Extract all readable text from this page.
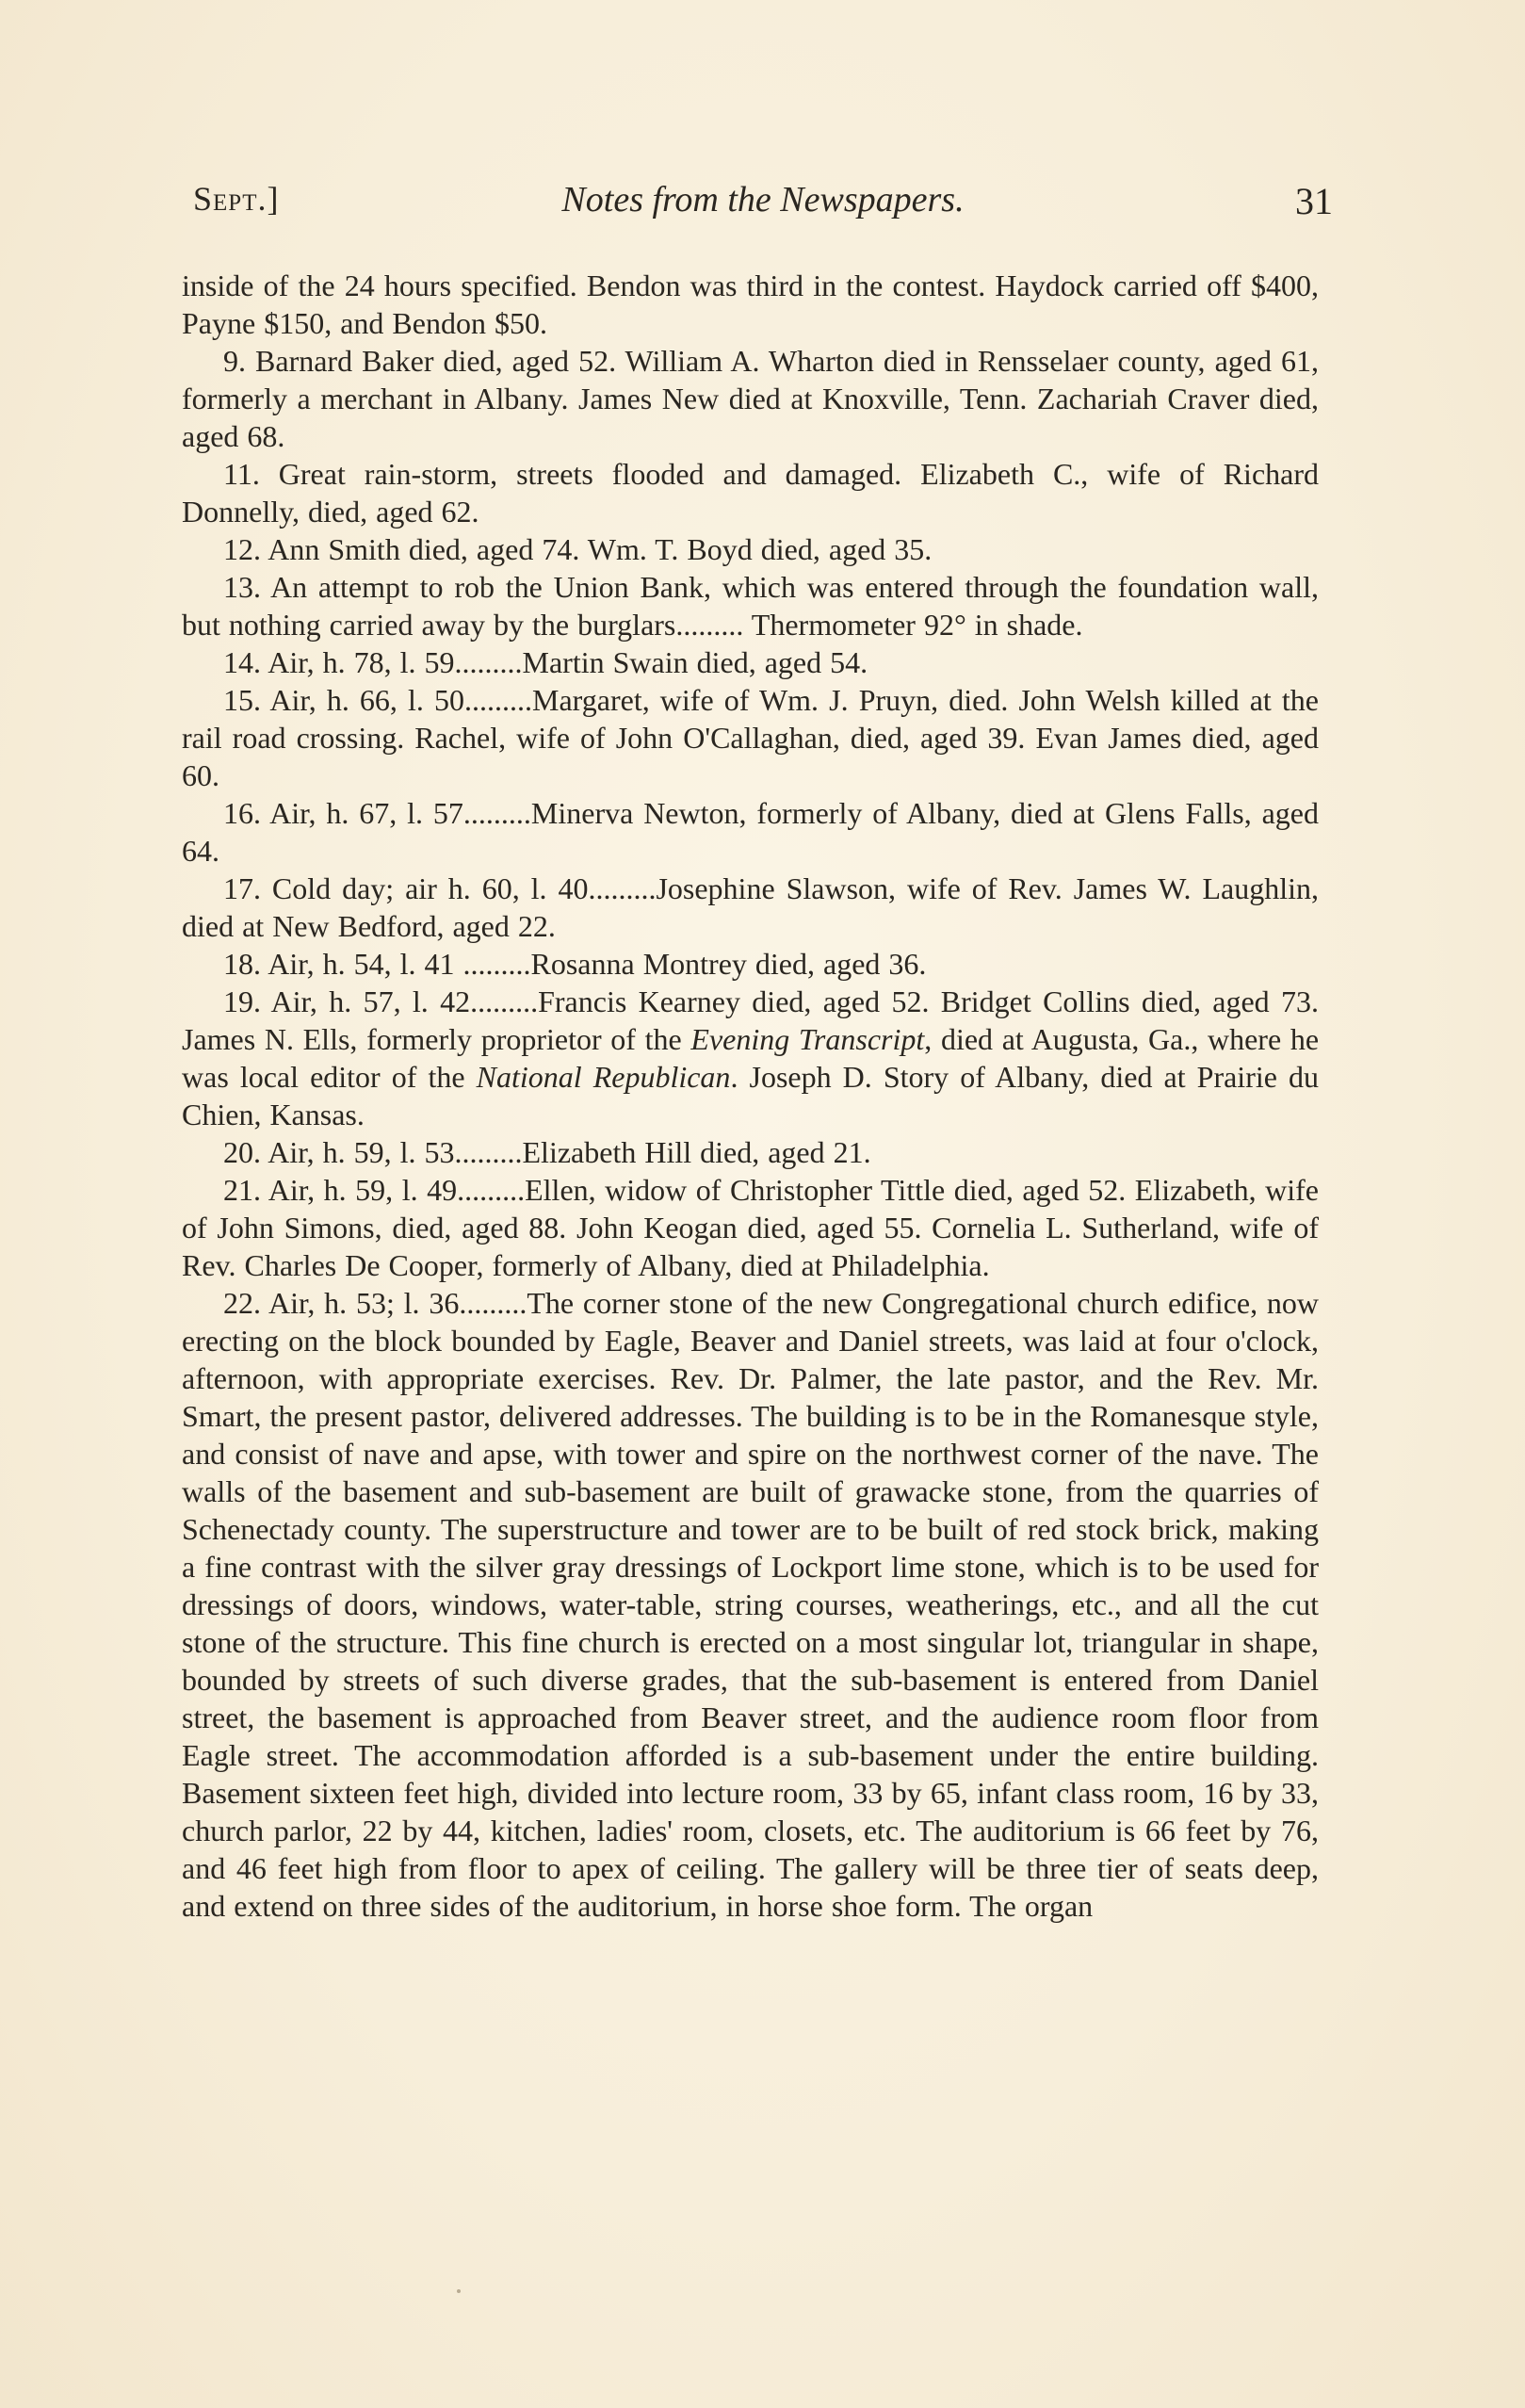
Sept.]	Notes from the Newspapers.	31

inside of the 24 hours specified. Bendon was third in the contest. Haydock carried off $400, Payne $150, and Bendon $50.

9. Barnard Baker died, aged 52. William A. Wharton died in Rensselaer county, aged 61, formerly a merchant in Albany. James New died at Knoxville, Tenn. Zachariah Craver died, aged 68.

11. Great rain-storm, streets flooded and damaged. Elizabeth C., wife of Richard Donnelly, died, aged 62.

12. Ann Smith died, aged 74. Wm. T. Boyd died, aged 35.

13. An attempt to rob the Union Bank, which was entered through the foundation wall, but nothing carried away by the burglars......... Thermometer 92° in shade.

14. Air, h. 78, l. 59.........Martin Swain died, aged 54.

15. Air, h. 66, l. 50.........Margaret, wife of Wm. J. Pruyn, died. John Welsh killed at the rail road crossing. Rachel, wife of John O'Callaghan, died, aged 39. Evan James died, aged 60.

16. Air, h. 67, l. 57.........Minerva Newton, formerly of Albany, died at Glens Falls, aged 64.

17. Cold day; air h. 60, l. 40.........Josephine Slawson, wife of Rev. James W. Laughlin, died at New Bedford, aged 22.

18. Air, h. 54, l. 41 .........Rosanna Montrey died, aged 36.

19. Air, h. 57, l. 42.........Francis Kearney died, aged 52. Bridget Collins died, aged 73. James N. Ells, formerly proprietor of the Evening Transcript, died at Augusta, Ga., where he was local editor of the National Republican. Joseph D. Story of Albany, died at Prairie du Chien, Kansas.

20. Air, h. 59, l. 53.........Elizabeth Hill died, aged 21.

21. Air, h. 59, l. 49.........Ellen, widow of Christopher Tittle died, aged 52. Elizabeth, wife of John Simons, died, aged 88. John Keogan died, aged 55. Cornelia L. Sutherland, wife of Rev. Charles De Cooper, formerly of Albany, died at Philadelphia.

22. Air, h. 53; l. 36.........The corner stone of the new Congregational church edifice, now erecting on the block bounded by Eagle, Beaver and Daniel streets, was laid at four o'clock, afternoon, with appropriate exercises. Rev. Dr. Palmer, the late pastor, and the Rev. Mr. Smart, the present pastor, delivered addresses. The building is to be in the Romanesque style, and consist of nave and apse, with tower and spire on the northwest corner of the nave. The walls of the basement and sub-basement are built of grawacke stone, from the quarries of Schenectady county. The superstructure and tower are to be built of red stock brick, making a fine contrast with the silver gray dressings of Lockport lime stone, which is to be used for dressings of doors, windows, water-table, string courses, weatherings, etc., and all the cut stone of the structure. This fine church is erected on a most singular lot, triangular in shape, bounded by streets of such diverse grades, that the sub-basement is entered from Daniel street, the basement is approached from Beaver street, and the audience room floor from Eagle street. The accommodation afforded is a sub-basement under the entire building. Basement sixteen feet high, divided into lecture room, 33 by 65, infant class room, 16 by 33, church parlor, 22 by 44, kitchen, ladies' room, closets, etc. The auditorium is 66 feet by 76, and 46 feet high from floor to apex of ceiling. The gallery will be three tier of seats deep, and extend on three sides of the auditorium, in horse shoe form. The organ
